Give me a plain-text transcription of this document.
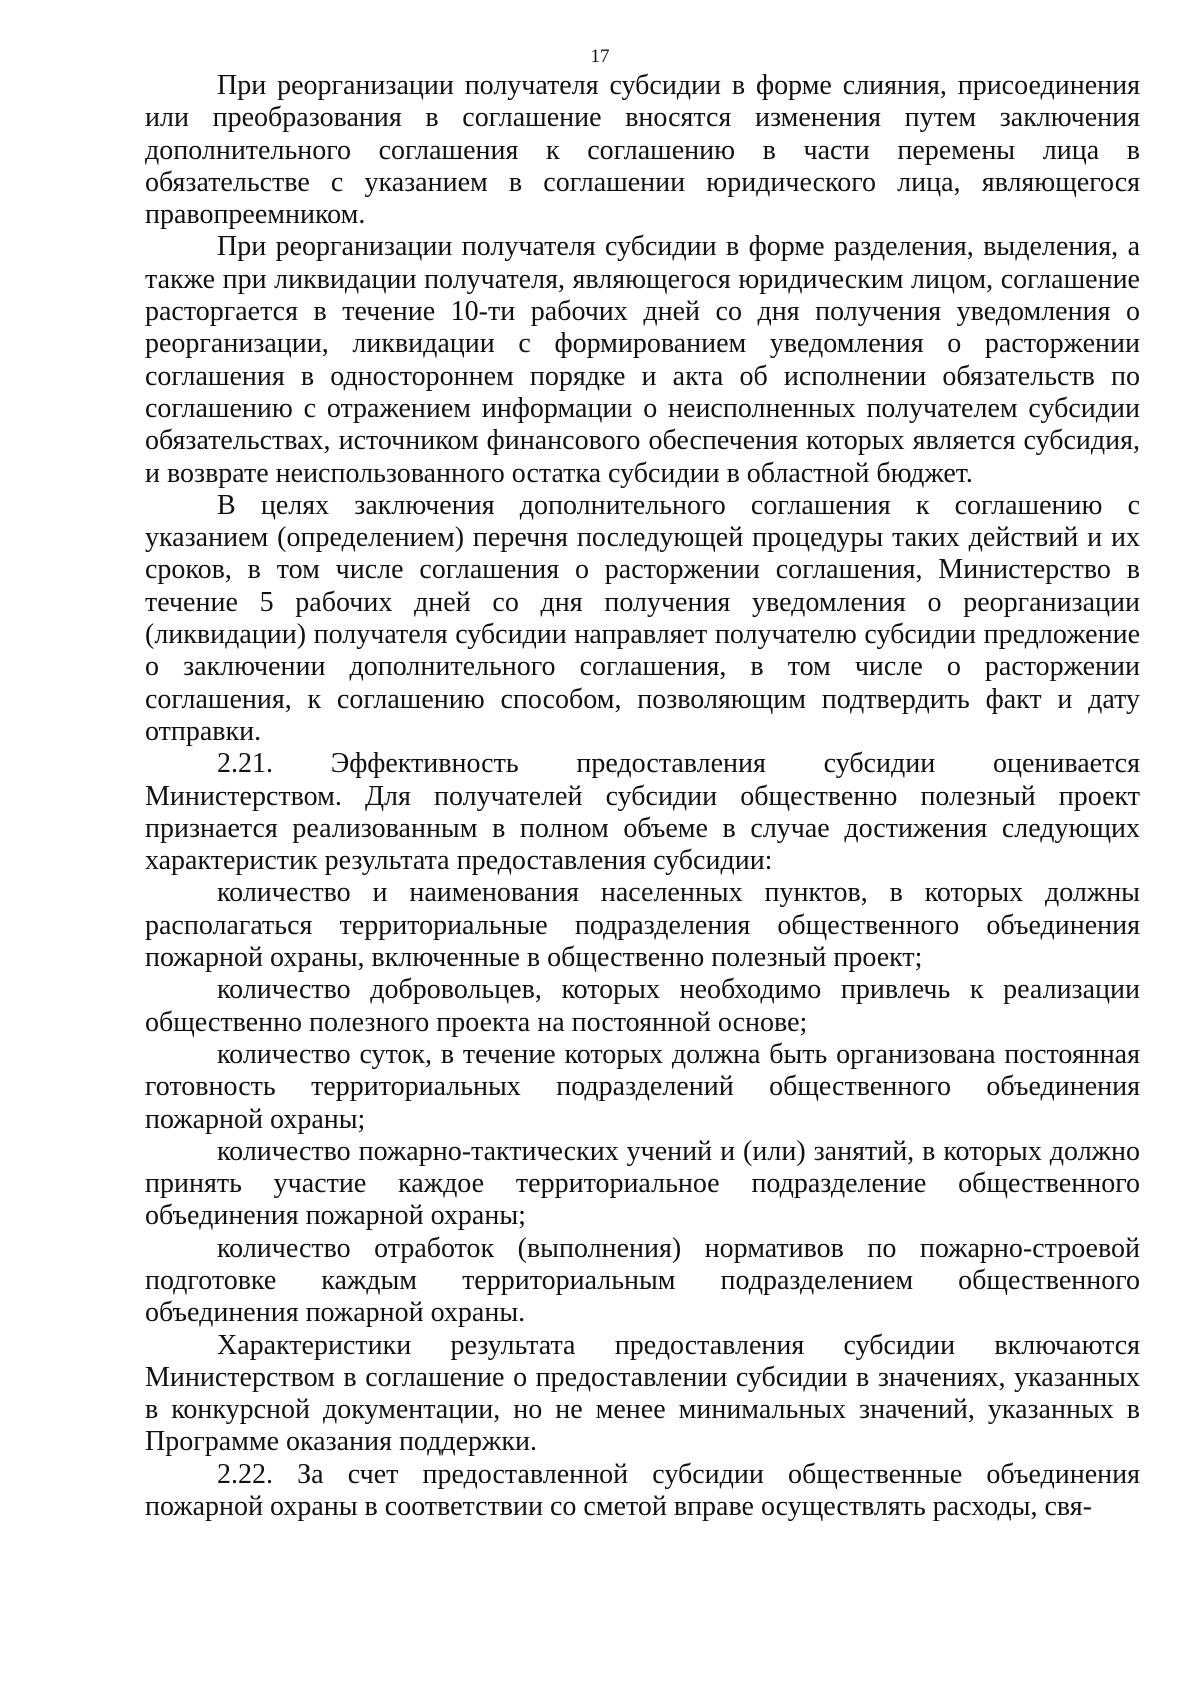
17

При реорганизации получателя субсидии в форме слияния, присоединения или преобразования в соглашение вносятся изменения путем заключения дополнительного соглашения к соглашению в части перемены лица в обязательстве с указанием в соглашении юридического лица, являющегося правопреемником.

При реорганизации получателя субсидии в форме разделения, выделения, а также при ликвидации получателя, являющегося юридическим лицом, соглашение расторгается в течение 10-ти рабочих дней со дня получения уведомления о реорганизации, ликвидации с формированием уведомления о расторжении соглашения в одностороннем порядке и акта об исполнении обязательств по соглашению с отражением информации о неисполненных получателем субсидии обязательствах, источником финансового обеспечения которых является субсидия, и возврате неиспользованного остатка субсидии в областной бюджет.

В целях заключения дополнительного соглашения к соглашению с указанием (определением) перечня последующей процедуры таких действий и их сроков, в том числе соглашения о расторжении соглашения, Министерство в течение 5 рабочих дней со дня получения уведомления о реорганизации (ликвидации) получателя субсидии направляет получателю субсидии предложение о заключении дополнительного соглашения, в том числе о расторжении соглашения, к соглашению способом, позволяющим подтвердить факт и дату отправки.

2.21. Эффективность предоставления субсидии оценивается Министерством. Для получателей субсидии общественно полезный проект признается реализованным в полном объеме в случае достижения следующих характеристик результата предоставления субсидии:

количество и наименования населенных пунктов, в которых должны располагаться территориальные подразделения общественного объединения пожарной охраны, включенные в общественно полезный проект;

количество добровольцев, которых необходимо привлечь к реализации общественно полезного проекта на постоянной основе;

количество суток, в течение которых должна быть организована постоянная готовность территориальных подразделений общественного объединения пожарной охраны;

количество пожарно-тактических учений и (или) занятий, в которых должно принять участие каждое территориальное подразделение общественного объединения пожарной охраны;

количество отработок (выполнения) нормативов по пожарно-строевой подготовке каждым территориальным подразделением общественного объединения пожарной охраны.

Характеристики результата предоставления субсидии включаются Министерством в соглашение о предоставлении субсидии в значениях, указанных в конкурсной документации, но не менее минимальных значений, указанных в Программе оказания поддержки.

2.22. За счет предоставленной субсидии общественные объединения пожарной охраны в соответствии со сметой вправе осуществлять расходы, свя-
